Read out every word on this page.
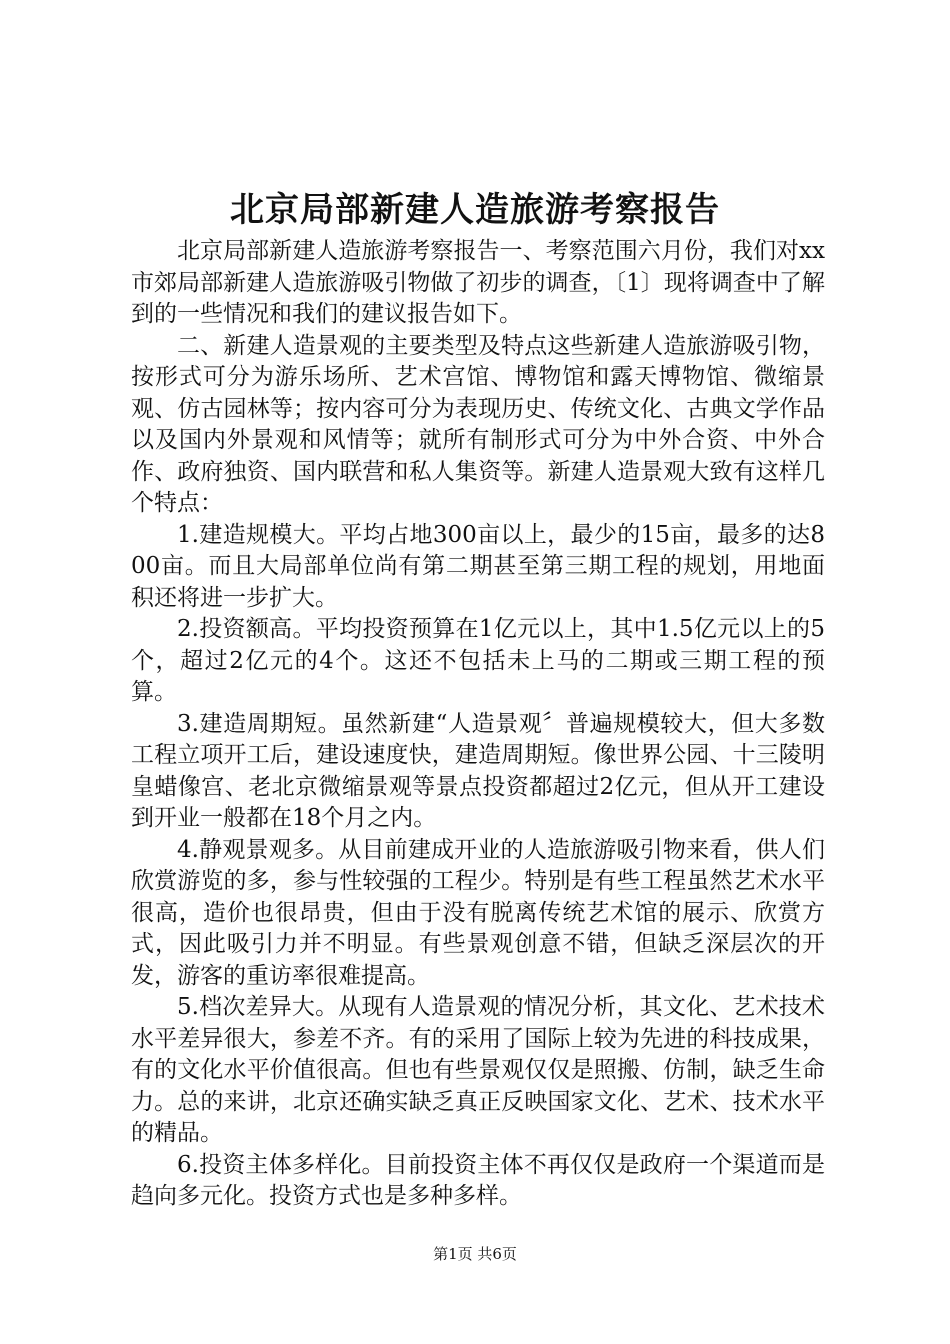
北京局部新建人造旅游考察报告

北京局部新建人造旅游考察报告一、考察范围六月份，我们对xx市郊局部新建人造旅游吸引物做了初步的调查，〔1〕现将调查中了解到的一些情况和我们的建议报告如下。

二、新建人造景观的主要类型及特点这些新建人造旅游吸引物，按形式可分为游乐场所、艺术宫馆、博物馆和露天博物馆、微缩景观、仿古园林等；按内容可分为表现历史、传统文化、古典文学作品以及国内外景观和风情等；就所有制形式可分为中外合资、中外合作、政府独资、国内联营和私人集资等。新建人造景观大致有这样几个特点：

1.建造规模大。平均占地300亩以上，最少的15亩，最多的达800亩。而且大局部单位尚有第二期甚至第三期工程的规划，用地面积还将进一步扩大。

2.投资额高。平均投资预算在1亿元以上，其中1.5亿元以上的5个，超过2亿元的4个。这还不包括未上马的二期或三期工程的预算。

3.建造周期短。虽然新建“人造景观〞普遍规模较大，但大多数工程立项开工后，建设速度快，建造周期短。像世界公园、十三陵明皇蜡像宫、老北京微缩景观等景点投资都超过2亿元，但从开工建设到开业一般都在18个月之内。

4.静观景观多。从目前建成开业的人造旅游吸引物来看，供人们欣赏游览的多，参与性较强的工程少。特别是有些工程虽然艺术水平很高，造价也很昂贵，但由于没有脱离传统艺术馆的展示、欣赏方式，因此吸引力并不明显。有些景观创意不错，但缺乏深层次的开发，游客的重访率很难提高。

5.档次差异大。从现有人造景观的情况分析，其文化、艺术技术水平差异很大，参差不齐。有的采用了国际上较为先进的科技成果，有的文化水平价值很高。但也有些景观仅仅是照搬、仿制，缺乏生命力。总的来讲，北京还确实缺乏真正反映国家文化、艺术、技术水平的精品。

6.投资主体多样化。目前投资主体不再仅仅是政府一个渠道而是趋向多元化。投资方式也是多种多样。

第1页 共6页
